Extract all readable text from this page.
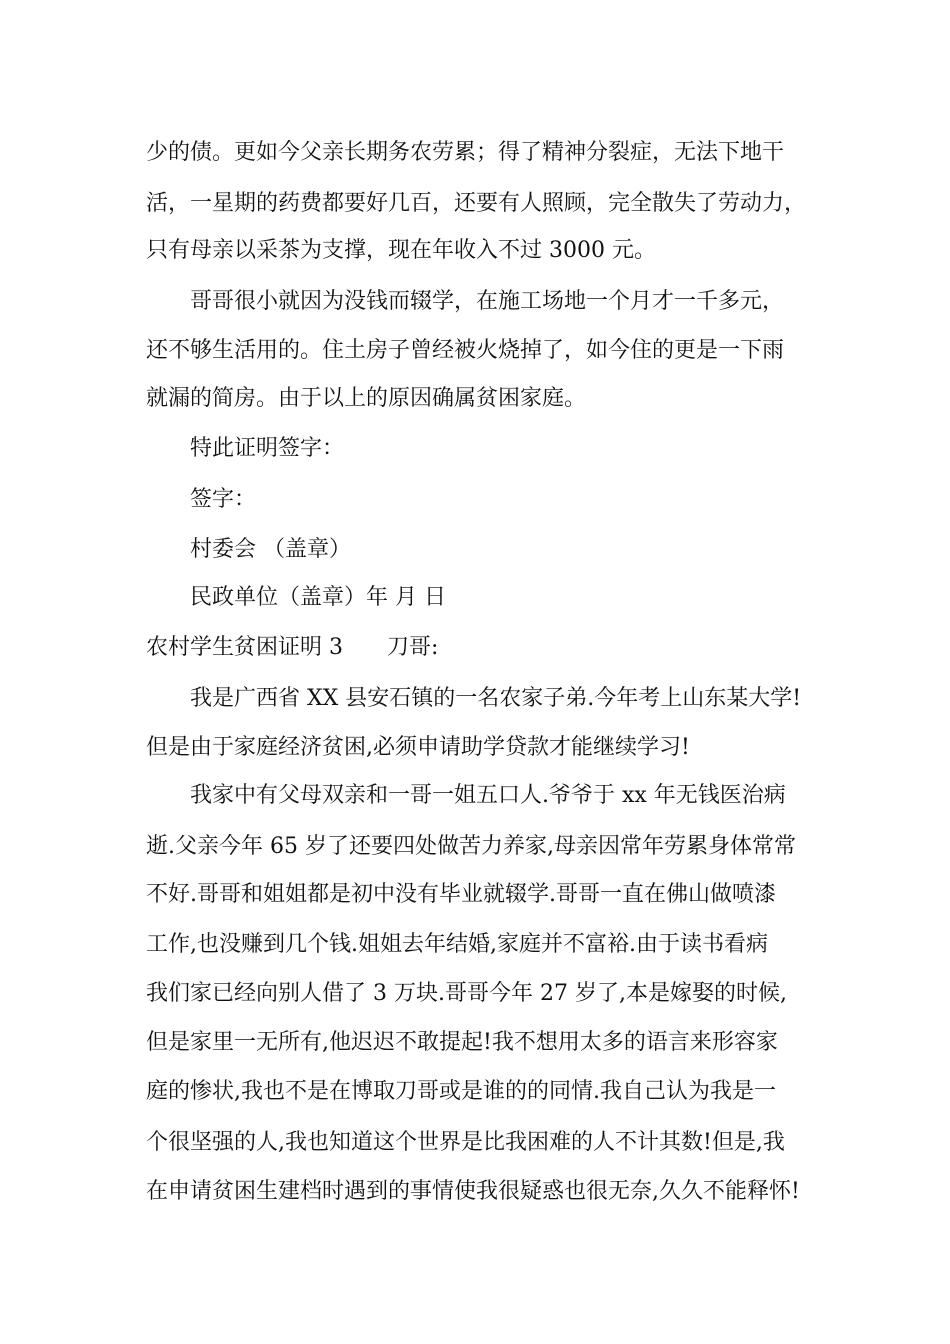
少的债。更如今父亲长期务农劳累；得了精神分裂症，无法下地干
活，一星期的药费都要好几百，还要有人照顾，完全散失了劳动力，
只有母亲以采茶为支撑，现在年收入不过 3000 元。
哥哥很小就因为没钱而辍学，在施工场地一个月才一千多元，
还不够生活用的。住土房子曾经被火烧掉了，如今住的更是一下雨
就漏的简房。由于以上的原因确属贫困家庭。
特此证明签字：
签字：
村委会 （盖章）
民政单位（盖章）年 月 日
农村学生贫困证明 3 刀哥:
我是广西省 XX 县安石镇的一名农家子弟.今年考上山东某大学!
但是由于家庭经济贫困,必须申请助学贷款才能继续学习!
我家中有父母双亲和一哥一姐五口人.爷爷于 xx 年无钱医治病
逝.父亲今年 65 岁了还要四处做苦力养家,母亲因常年劳累身体常常
不好.哥哥和姐姐都是初中没有毕业就辍学.哥哥一直在佛山做喷漆
工作,也没赚到几个钱.姐姐去年结婚,家庭并不富裕.由于读书看病
我们家已经向别人借了 3 万块.哥哥今年 27 岁了,本是嫁娶的时候,
但是家里一无所有,他迟迟不敢提起!我不想用太多的语言来形容家
庭的惨状,我也不是在博取刀哥或是谁的的同情.我自己认为我是一
个很坚强的人,我也知道这个世界是比我困难的人不计其数!但是,我
在申请贫困生建档时遇到的事情使我很疑惑也很无奈,久久不能释怀!
